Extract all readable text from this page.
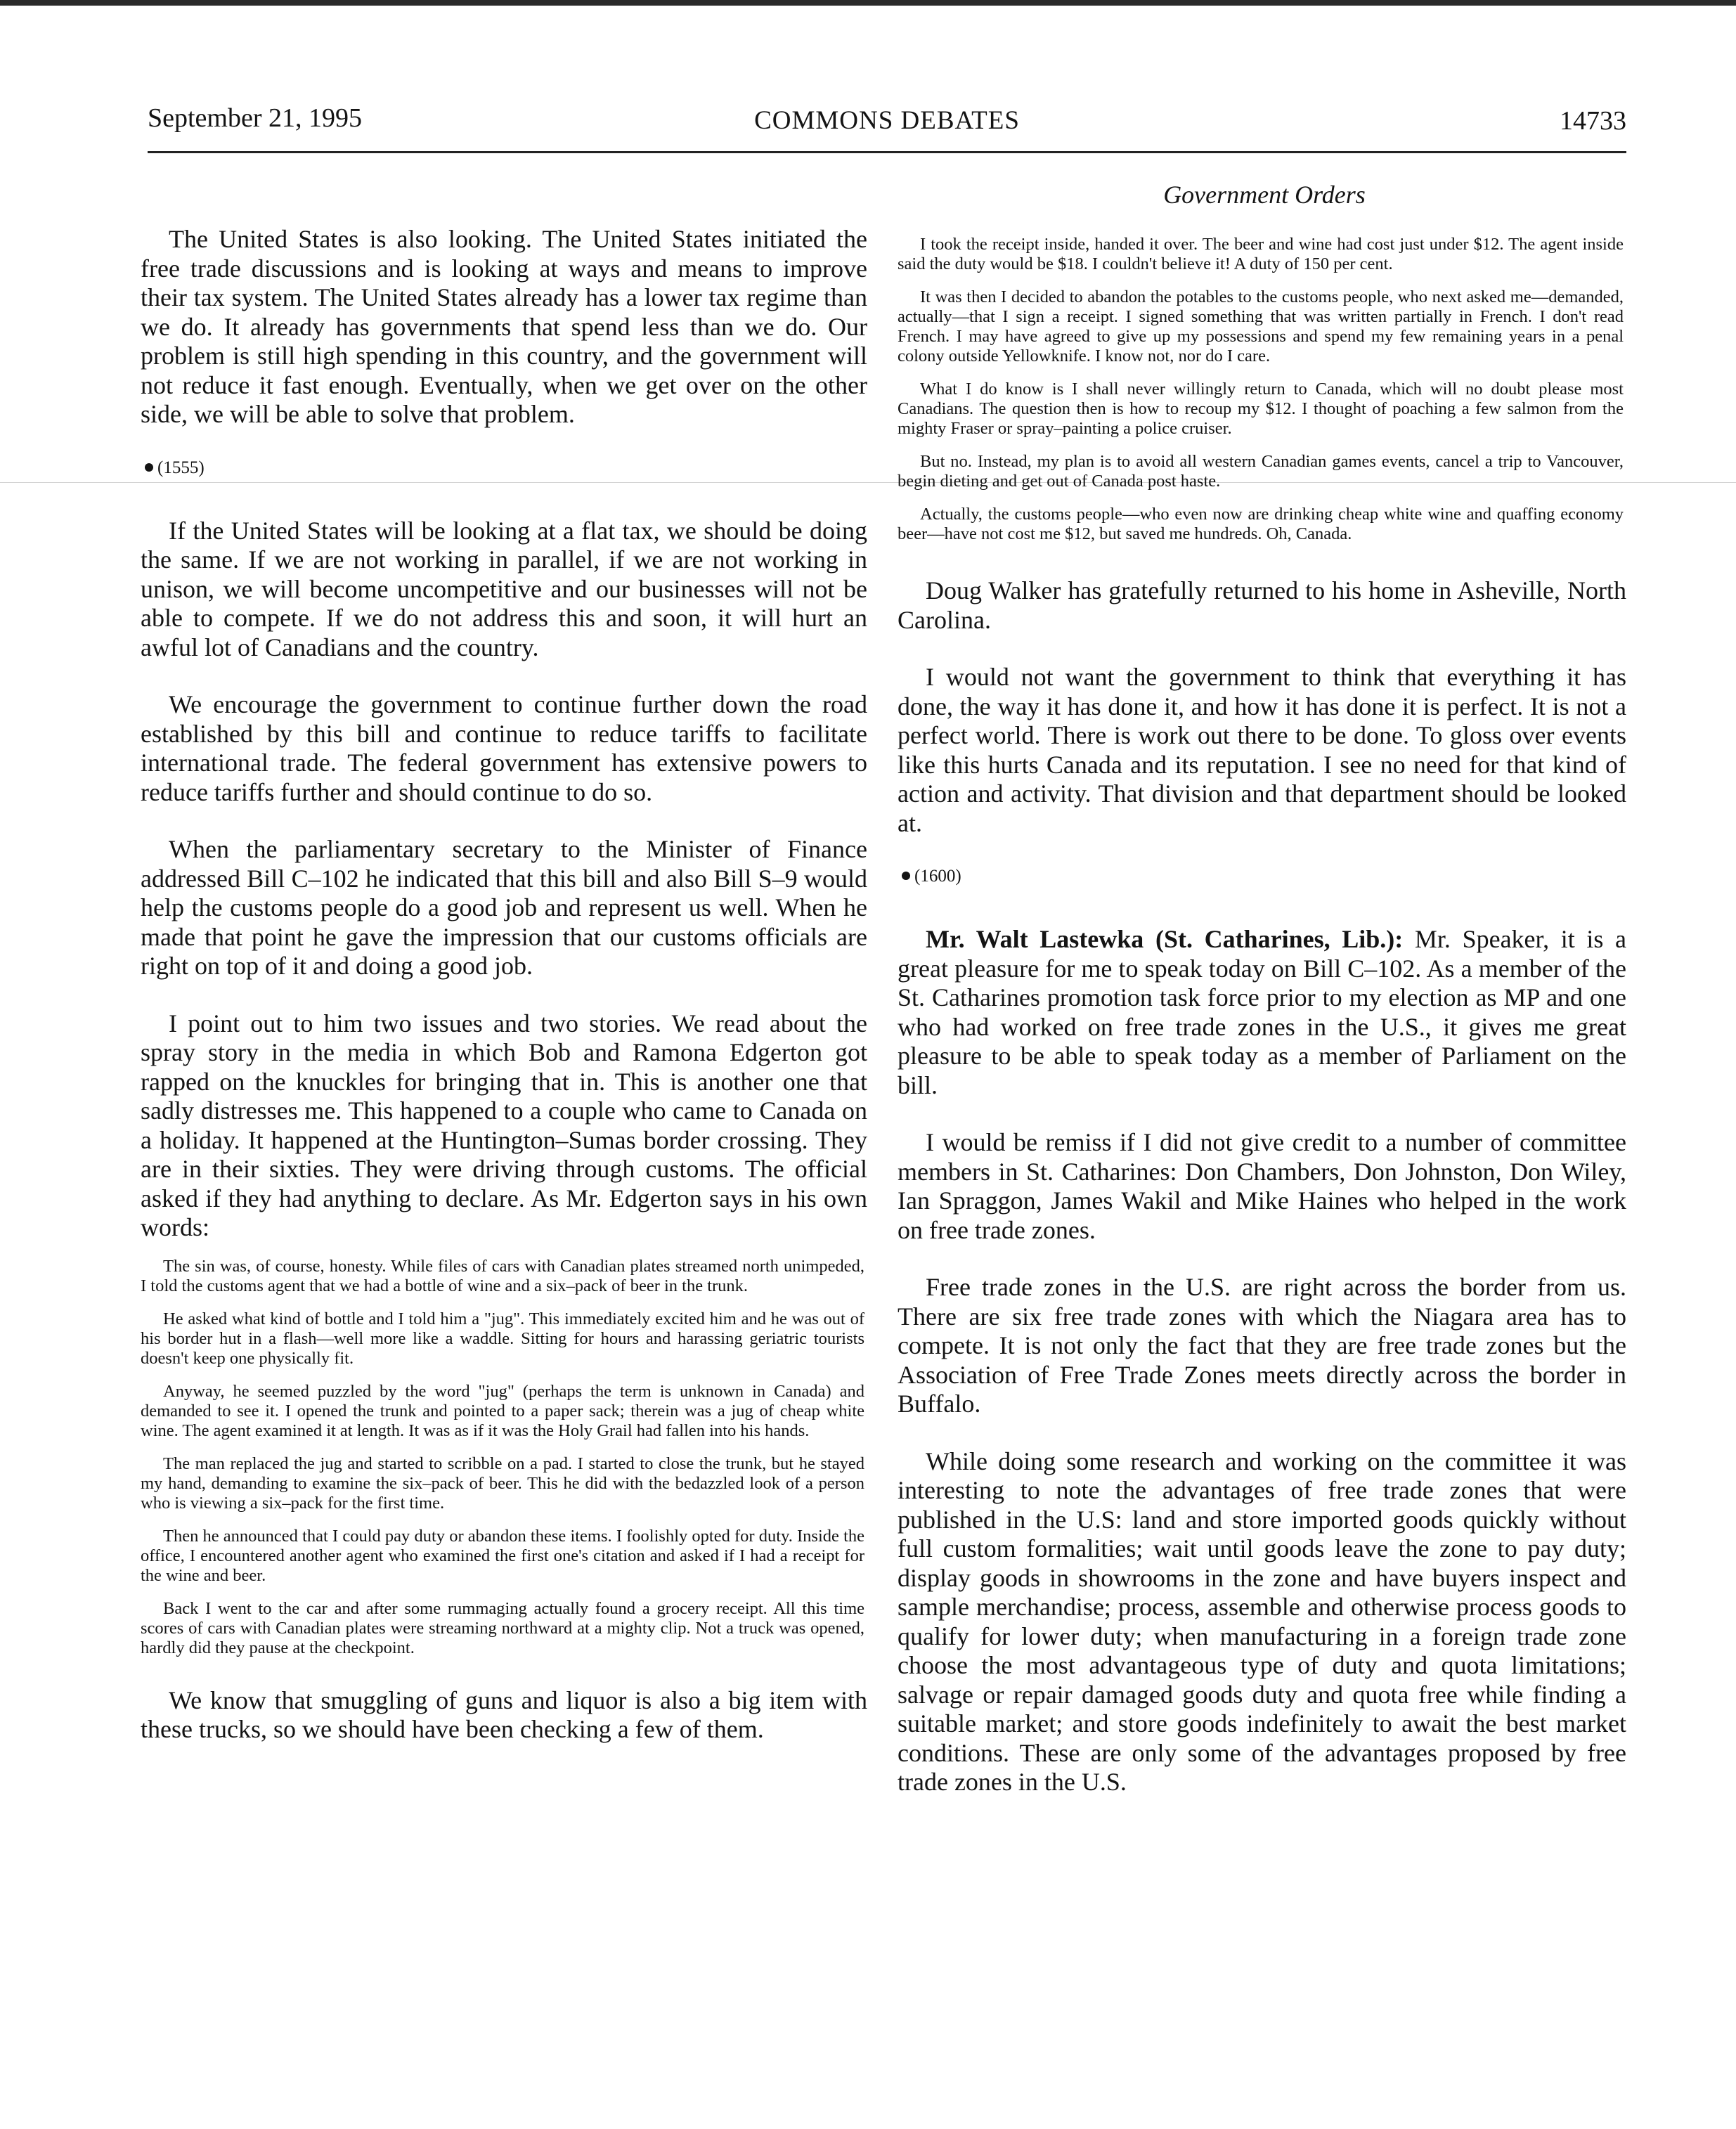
September 21, 1995	COMMONS DEBATES	14733
Government Orders

The United States is also looking. The United States initiated the free trade discussions and is looking at ways and means to improve their tax system. The United States already has a lower tax regime than we do. It already has governments that spend less than we do. Our problem is still high spending in this country, and the government will not reduce it fast enough. Eventually, when we get over on the other side, we will be able to solve that problem.

(1555)

If the United States will be looking at a flat tax, we should be doing the same. If we are not working in parallel, if we are not working in unison, we will become uncompetitive and our businesses will not be able to compete. If we do not address this and soon, it will hurt an awful lot of Canadians and the country.

We encourage the government to continue further down the road established by this bill and continue to reduce tariffs to facilitate international trade. The federal government has extensive powers to reduce tariffs further and should continue to do so.

When the parliamentary secretary to the Minister of Finance addressed Bill C–102 he indicated that this bill and also Bill S–9 would help the customs people do a good job and represent us well. When he made that point he gave the impression that our customs officials are right on top of it and doing a good job.

I point out to him two issues and two stories. We read about the spray story in the media in which Bob and Ramona Edgerton got rapped on the knuckles for bringing that in. This is another one that sadly distresses me. This happened to a couple who came to Canada on a holiday. It happened at the Huntington–Sumas border crossing. They are in their sixties. They were driving through customs. The official asked if they had anything to declare. As Mr. Edgerton says in his own words:

The sin was, of course, honesty. While files of cars with Canadian plates streamed north unimpeded, I told the customs agent that we had a bottle of wine and a six–pack of beer in the trunk.

He asked what kind of bottle and I told him a "jug". This immediately excited him and he was out of his border hut in a flash—well more like a waddle. Sitting for hours and harassing geriatric tourists doesn't keep one physically fit.

Anyway, he seemed puzzled by the word "jug" (perhaps the term is unknown in Canada) and demanded to see it. I opened the trunk and pointed to a paper sack; therein was a jug of cheap white wine. The agent examined it at length. It was as if it was the Holy Grail had fallen into his hands.

The man replaced the jug and started to scribble on a pad. I started to close the trunk, but he stayed my hand, demanding to examine the six–pack of beer. This he did with the bedazzled look of a person who is viewing a six–pack for the first time.

Then he announced that I could pay duty or abandon these items. I foolishly opted for duty. Inside the office, I encountered another agent who examined the first one's citation and asked if I had a receipt for the wine and beer.

Back I went to the car and after some rummaging actually found a grocery receipt. All this time scores of cars with Canadian plates were streaming northward at a mighty clip. Not a truck was opened, hardly did they pause at the checkpoint.

We know that smuggling of guns and liquor is also a big item with these trucks, so we should have been checking a few of them.

I took the receipt inside, handed it over. The beer and wine had cost just under $12. The agent inside said the duty would be $18. I couldn't believe it! A duty of 150 per cent.

It was then I decided to abandon the potables to the customs people, who next asked me—demanded, actually—that I sign a receipt. I signed something that was written partially in French. I don't read French. I may have agreed to give up my possessions and spend my few remaining years in a penal colony outside Yellowknife. I know not, nor do I care.

What I do know is I shall never willingly return to Canada, which will no doubt please most Canadians. The question then is how to recoup my $12. I thought of poaching a few salmon from the mighty Fraser or spray–painting a police cruiser.

But no. Instead, my plan is to avoid all western Canadian games events, cancel a trip to Vancouver, begin dieting and get out of Canada post haste.

Actually, the customs people—who even now are drinking cheap white wine and quaffing economy beer—have not cost me $12, but saved me hundreds. Oh, Canada.

Doug Walker has gratefully returned to his home in Asheville, North Carolina.

I would not want the government to think that everything it has done, the way it has done it, and how it has done it is perfect. It is not a perfect world. There is work out there to be done. To gloss over events like this hurts Canada and its reputation. I see no need for that kind of action and activity. That division and that department should be looked at.

(1600)

Mr. Walt Lastewka (St. Catharines, Lib.): Mr. Speaker, it is a great pleasure for me to speak today on Bill C–102. As a member of the St. Catharines promotion task force prior to my election as MP and one who had worked on free trade zones in the U.S., it gives me great pleasure to be able to speak today as a member of Parliament on the bill.

I would be remiss if I did not give credit to a number of committee members in St. Catharines: Don Chambers, Don Johnston, Don Wiley, Ian Spraggon, James Wakil and Mike Haines who helped in the work on free trade zones.

Free trade zones in the U.S. are right across the border from us. There are six free trade zones with which the Niagara area has to compete. It is not only the fact that they are free trade zones but the Association of Free Trade Zones meets directly across the border in Buffalo.

While doing some research and working on the committee it was interesting to note the advantages of free trade zones that were published in the U.S: land and store imported goods quickly without full custom formalities; wait until goods leave the zone to pay duty; display goods in showrooms in the zone and have buyers inspect and sample merchandise; process, assemble and otherwise process goods to qualify for lower duty; when manufacturing in a foreign trade zone choose the most advantageous type of duty and quota limitations; salvage or repair damaged goods duty and quota free while finding a suitable market; and store goods indefinitely to await the best market conditions. These are only some of the advantages proposed by free trade zones in the U.S.
